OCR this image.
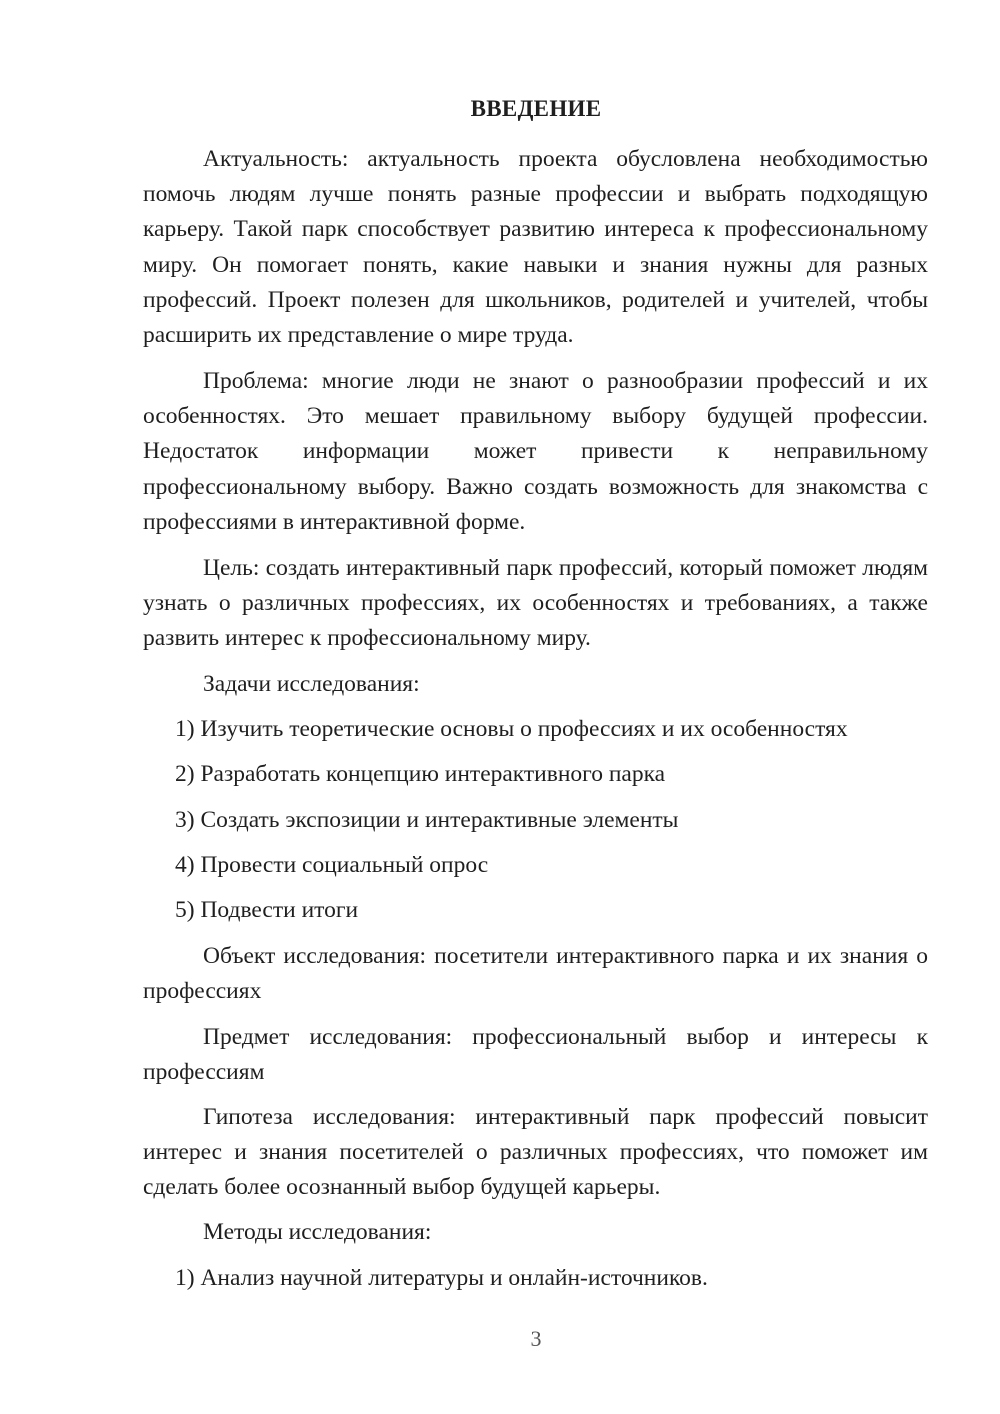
ВВЕДЕНИЕ

Актуальность: актуальность проекта обусловлена необходимостью помочь людям лучше понять разные профессии и выбрать подходящую карьеру. Такой парк способствует развитию интереса к профессиональному миру. Он помогает понять, какие навыки и знания нужны для разных профессий. Проект полезен для школьников, родителей и учителей, чтобы расширить их представление о мире труда.

Проблема: многие люди не знают о разнообразии профессий и их особенностях. Это мешает правильному выбору будущей профессии. Недостаток информации может привести к неправильному профессиональному выбору. Важно создать возможность для знакомства с профессиями в интерактивной форме.

Цель: создать интерактивный парк профессий, который поможет людям узнать о различных профессиях, их особенностях и требованиях, а также развить интерес к профессиональному миру.

Задачи исследования:

1) Изучить теоретические основы о профессиях и их особенностях

2) Разработать концепцию интерактивного парка

3) Создать экспозиции и интерактивные элементы

4) Провести социальный опрос

5) Подвести итоги

Объект исследования: посетители интерактивного парка и их знания о профессиях

Предмет исследования: профессиональный выбор и интересы к профессиям

Гипотеза исследования: интерактивный парк профессий повысит интерес и знания посетителей о различных профессиях, что поможет им сделать более осознанный выбор будущей карьеры.

Методы исследования:

1) Анализ научной литературы и онлайн-источников.

3
